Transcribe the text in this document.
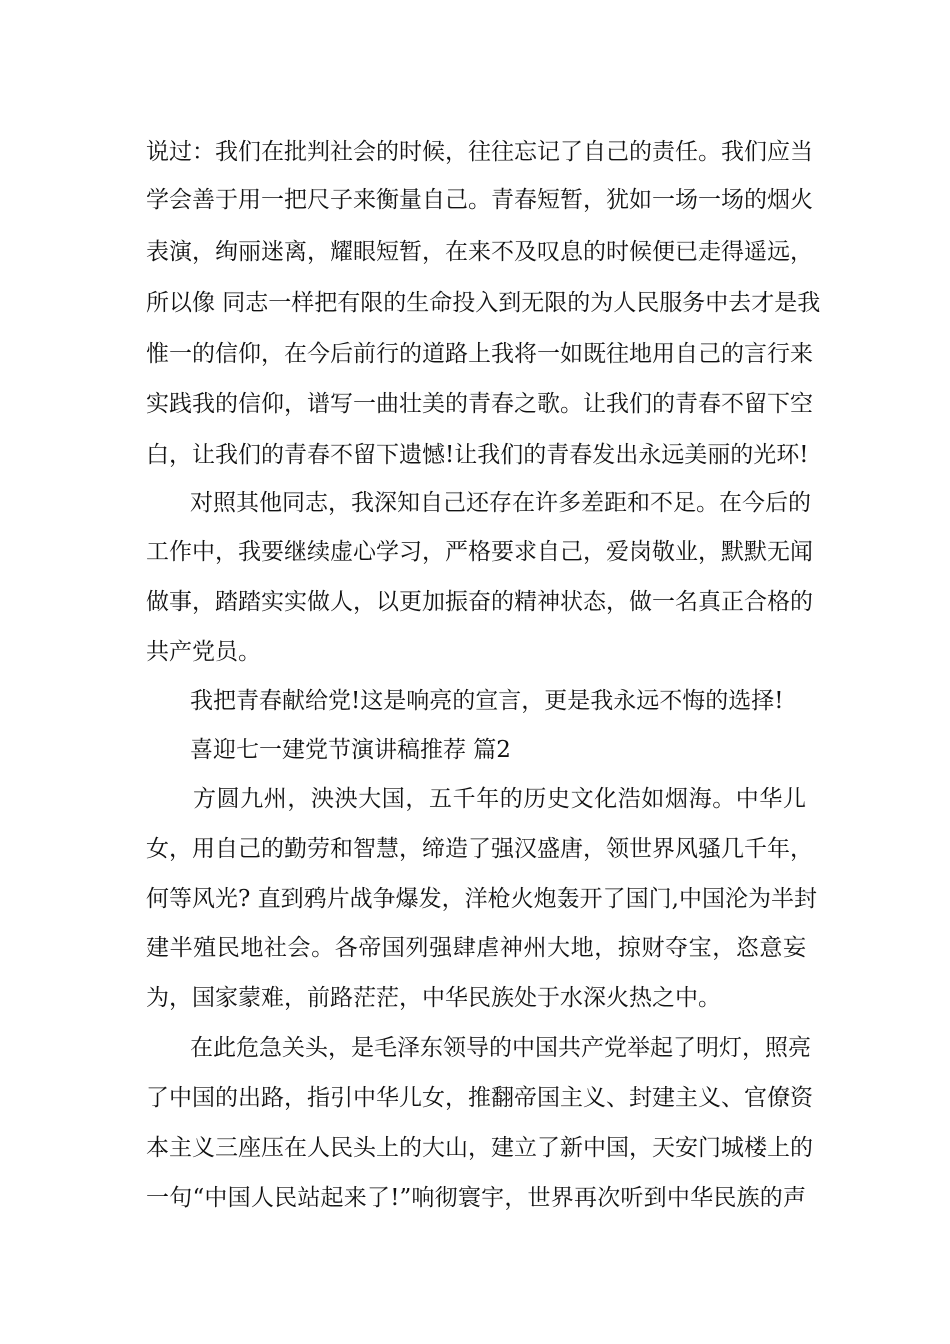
说过：我们在批判社会的时候，往往忘记了自己的责任。我们应当
学会善于用一把尺子来衡量自己。青春短暂，犹如一场一场的烟火
表演，绚丽迷离，耀眼短暂，在来不及叹息的时候便已走得遥远，
所以像 同志一样把有限的生命投入到无限的为人民服务中去才是我
惟一的信仰，在今后前行的道路上我将一如既往地用自己的言行来
实践我的信仰，谱写一曲壮美的青春之歌。让我们的青春不留下空
白，让我们的青春不留下遗憾!让我们的青春发出永远美丽的光环!
对照其他同志，我深知自己还存在许多差距和不足。在今后的
工作中，我要继续虚心学习，严格要求自己，爱岗敬业，默默无闻
做事，踏踏实实做人，以更加振奋的精神状态，做一名真正合格的
共产党员。
我把青春献给党!这是响亮的宣言，更是我永远不悔的选择!
喜迎七一建党节演讲稿推荐 篇2
方圆九州，泱泱大国，五千年的历史文化浩如烟海。中华儿
女，用自己的勤劳和智慧，缔造了强汉盛唐，领世界风骚几千年，
何等风光? 直到鸦片战争爆发，洋枪火炮轰开了国门,中国沦为半封
建半殖民地社会。各帝国列强肆虐神州大地，掠财夺宝，恣意妄
为，国家蒙难，前路茫茫，中华民族处于水深火热之中。
在此危急关头，是毛泽东领导的中国共产党举起了明灯，照亮
了中国的出路，指引中华儿女，推翻帝国主义、封建主义、官僚资
本主义三座压在人民头上的大山，建立了新中国，天安门城楼上的
一句“中国人民站起来了!”响彻寰宇，世界再次听到中华民族的声
